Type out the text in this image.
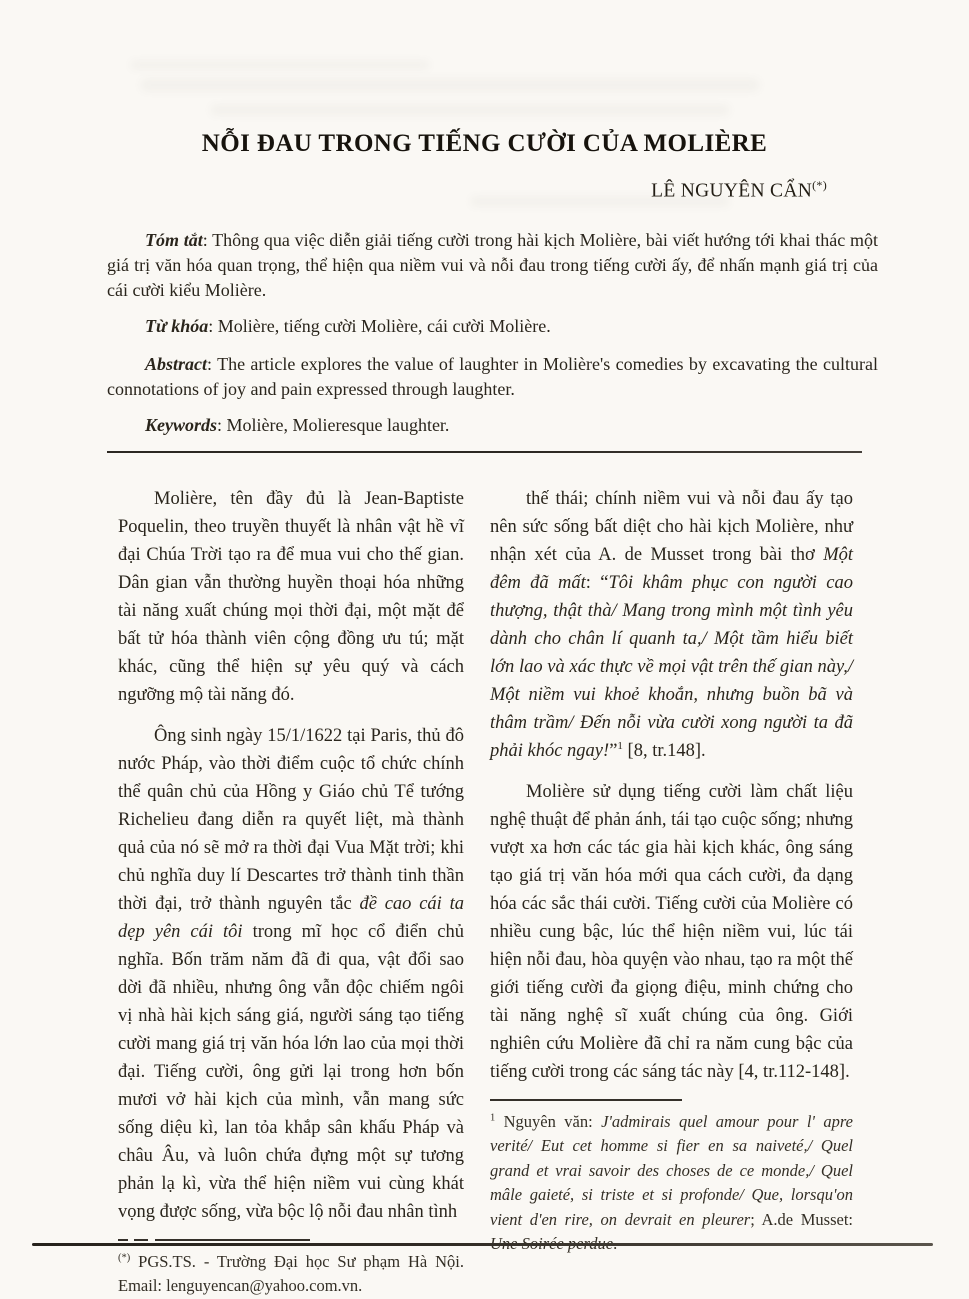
NỖI ĐAU TRONG TIẾNG CƯỜI CỦA MOLIÈRE
LÊ NGUYÊN CẨN(*)

Tóm tắt: Thông qua việc diễn giải tiếng cười trong hài kịch Molière, bài viết hướng tới khai thác một giá trị văn hóa quan trọng, thể hiện qua niềm vui và nỗi đau trong tiếng cười ấy, để nhấn mạnh giá trị của cái cười kiểu Molière.

Từ khóa: Molière, tiếng cười Molière, cái cười Molière.

Abstract: The article explores the value of laughter in Molière's comedies by excavating the cultural connotations of joy and pain expressed through laughter.

Keywords: Molière, Molieresque laughter.

Molière, tên đầy đủ là Jean-Baptiste Poquelin, theo truyền thuyết là nhân vật hề vĩ đại Chúa Trời tạo ra để mua vui cho thế gian. Dân gian vẫn thường huyền thoại hóa những tài năng xuất chúng mọi thời đại, một mặt để bất tử hóa thành viên cộng đồng ưu tú; mặt khác, cũng thể hiện sự yêu quý và cách ngưỡng mộ tài năng đó.

Ông sinh ngày 15/1/1622 tại Paris, thủ đô nước Pháp, vào thời điểm cuộc tổ chức chính thể quân chủ của Hồng y Giáo chủ Tể tướng Richelieu đang diễn ra quyết liệt, mà thành quả của nó sẽ mở ra thời đại Vua Mặt trời; khi chủ nghĩa duy lí Descartes trở thành tinh thần thời đại, trở thành nguyên tắc đề cao cái ta dẹp yên cái tôi trong mĩ học cổ điển chủ nghĩa. Bốn trăm năm đã đi qua, vật đổi sao dời đã nhiều, nhưng ông vẫn độc chiếm ngôi vị nhà hài kịch sáng giá, người sáng tạo tiếng cười mang giá trị văn hóa lớn lao của mọi thời đại. Tiếng cười, ông gửi lại trong hơn bốn mươi vở hài kịch của mình, vẫn mang sức sống diệu kì, lan tỏa khắp sân khấu Pháp và châu Âu, và luôn chứa đựng một sự tương phản lạ kì, vừa thể hiện niềm vui cùng khát vọng được sống, vừa bộc lộ nỗi đau nhân tình

(*) PGS.TS. - Trường Đại học Sư phạm Hà Nội. Email: lenguyencan@yahoo.com.vn.

thế thái; chính niềm vui và nỗi đau ấy tạo nên sức sống bất diệt cho hài kịch Molière, như nhận xét của A. de Musset trong bài thơ Một đêm đã mất: “Tôi khâm phục con người cao thượng, thật thà/ Mang trong mình một tình yêu dành cho chân lí quanh ta,/ Một tầm hiểu biết lớn lao và xác thực về mọi vật trên thế gian này,/ Một niềm vui khoẻ khoắn, nhưng buồn bã và thâm trầm/ Đến nỗi vừa cười xong người ta đã phải khóc ngay!”$^1$ [8, tr.148].

Molière sử dụng tiếng cười làm chất liệu nghệ thuật để phản ánh, tái tạo cuộc sống; nhưng vượt xa hơn các tác gia hài kịch khác, ông sáng tạo giá trị văn hóa mới qua cách cười, đa dạng hóa các sắc thái cười. Tiếng cười của Molière có nhiều cung bậc, lúc thể hiện niềm vui, lúc tái hiện nỗi đau, hòa quyện vào nhau, tạo ra một thế giới tiếng cười đa giọng điệu, minh chứng cho tài năng nghệ sĩ xuất chúng của ông. Giới nghiên cứu Molière đã chỉ ra năm cung bậc của tiếng cười trong các sáng tác này [4, tr.112-148].

$^1$ Nguyên văn: J'admirais quel amour pour l' apre verité/ Eut cet homme si fier en sa naiveté,/ Quel grand et vrai savoir des choses de ce monde,/ Quel mâle gaieté, si triste et si profonde/ Que, lorsqu'on vient d'en rire, on devrait en pleurer; A.de Musset:
